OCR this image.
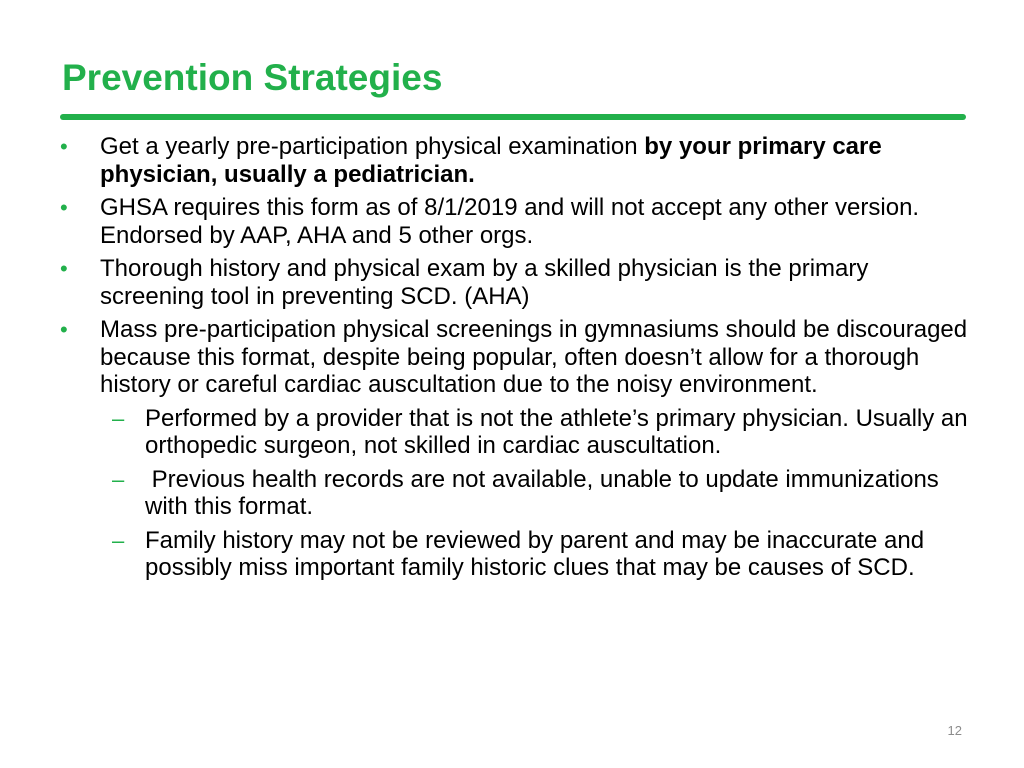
Prevention Strategies
• Get a yearly pre-participation physical examination by your primary care physician, usually a pediatrician.
• GHSA requires this form as of 8/1/2019 and will not accept any other version. Endorsed by AAP, AHA and 5 other orgs.
• Thorough history and physical exam by a skilled physician is the primary screening tool in preventing SCD. (AHA)
• Mass pre-participation physical screenings in gymnasiums should be discouraged because this format, despite being popular, often doesn’t allow for a thorough history or careful cardiac auscultation due to the noisy environment.
– Performed by a provider that is not the athlete’s primary physician. Usually an orthopedic surgeon, not skilled in cardiac auscultation.
– Previous health records are not available, unable to update immunizations with this format.
– Family history may not be reviewed by parent and may be inaccurate and possibly miss important family historic clues that may be causes of SCD.
12
